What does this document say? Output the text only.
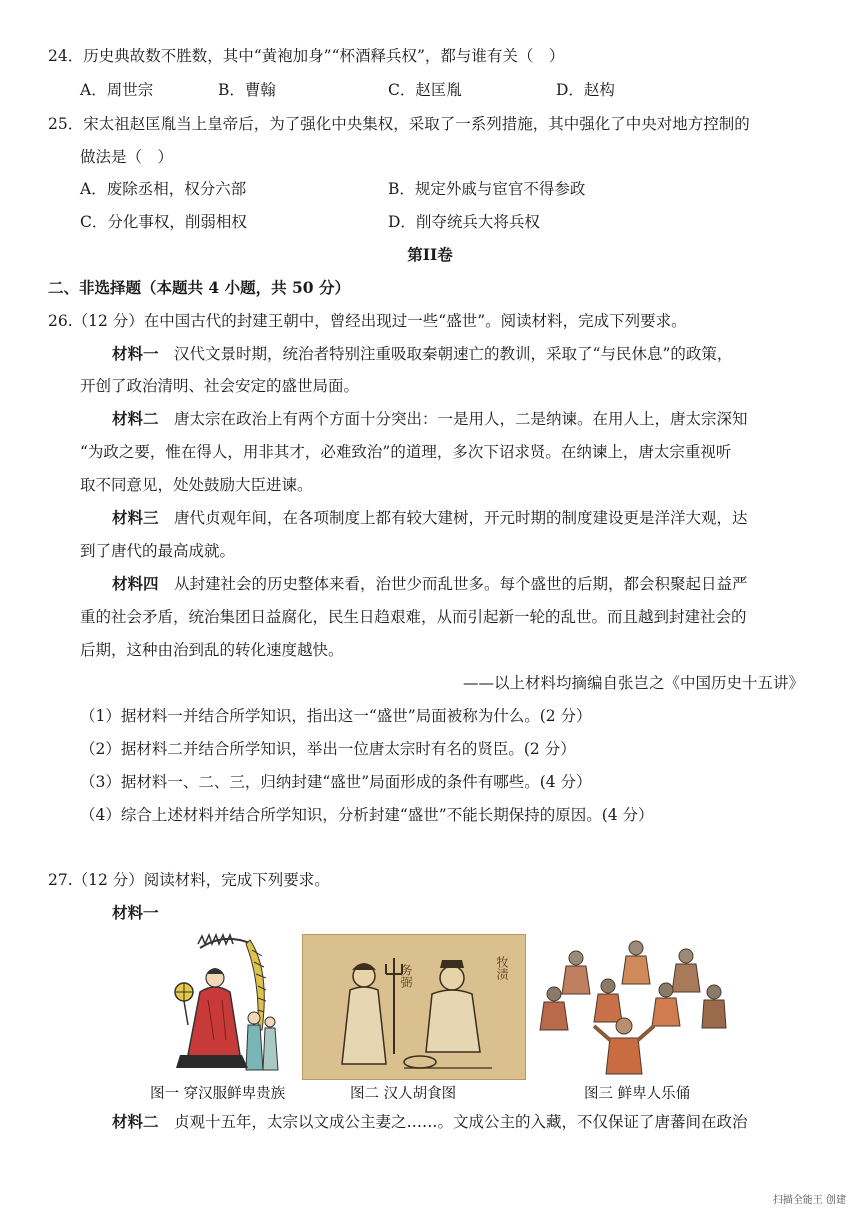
24．历史典故数不胜数，其中“黄袍加身”“杯酒释兵权”，都与谁有关（　）
A．周世宗	B．曹翰	C．赵匡胤	D．赵构
25．宋太祖赵匡胤当上皇帝后，为了强化中央集权，采取了一系列措施，其中强化了中央对地方控制的
做法是（　）
A．废除丞相，权分六部	B．规定外戚与宦官不得参政
C．分化事权，削弱相权	D．削夺统兵大将兵权
第II卷
二、非选择题（本题共 4 小题，共 50 分）
26.（12 分）在中国古代的封建王朝中，曾经出现过一些“盛世”。阅读材料，完成下列要求。
材料一　 汉代文景时期，统治者特别注重吸取秦朝速亡的教训，采取了“与民休息”的政策，
开创了政治清明、社会安定的盛世局面。
材料二　 唐太宗在政治上有两个方面十分突出：一是用人，二是纳谏。在用人上，唐太宗深知
“为政之要，惟在得人，用非其才，必难致治”的道理，多次下诏求贤。在纳谏上，唐太宗重视听
取不同意见，处处鼓励大臣进谏。
材料三　 唐代贞观年间，在各项制度上都有较大建树，开元时期的制度建设更是洋洋大观，达
到了唐代的最高成就。
材料四　 从封建社会的历史整体来看，治世少而乱世多。每个盛世的后期，都会积聚起日益严
重的社会矛盾，统治集团日益腐化，民生日趋艰难，从而引起新一轮的乱世。而且越到封建社会的
后期，这种由治到乱的转化速度越快。
——以上材料均摘编自张岂之《中国历史十五讲》
（1）据材料一并结合所学知识，指出这一“盛世”局面被称为什么。(2 分）
（2）据材料二并结合所学知识，举出一位唐太宗时有名的贤臣。(2 分）
（3）据材料一、二、三，归纳封建“盛世”局面形成的条件有哪些。(4 分）
（4）综合上述材料并结合所学知识，分析封建“盛世”不能长期保持的原因。(4 分）
27.（12 分）阅读材料，完成下列要求。
材料一
图一 穿汉服鲜卑贵族
务弼	牧渍
图二 汉人胡食图	图三 鲜卑人乐俑
材料二　 贞观十五年，太宗以文成公主妻之……。文成公主的入藏，不仅保证了唐蕃间在政治
扫描全能王 创建
